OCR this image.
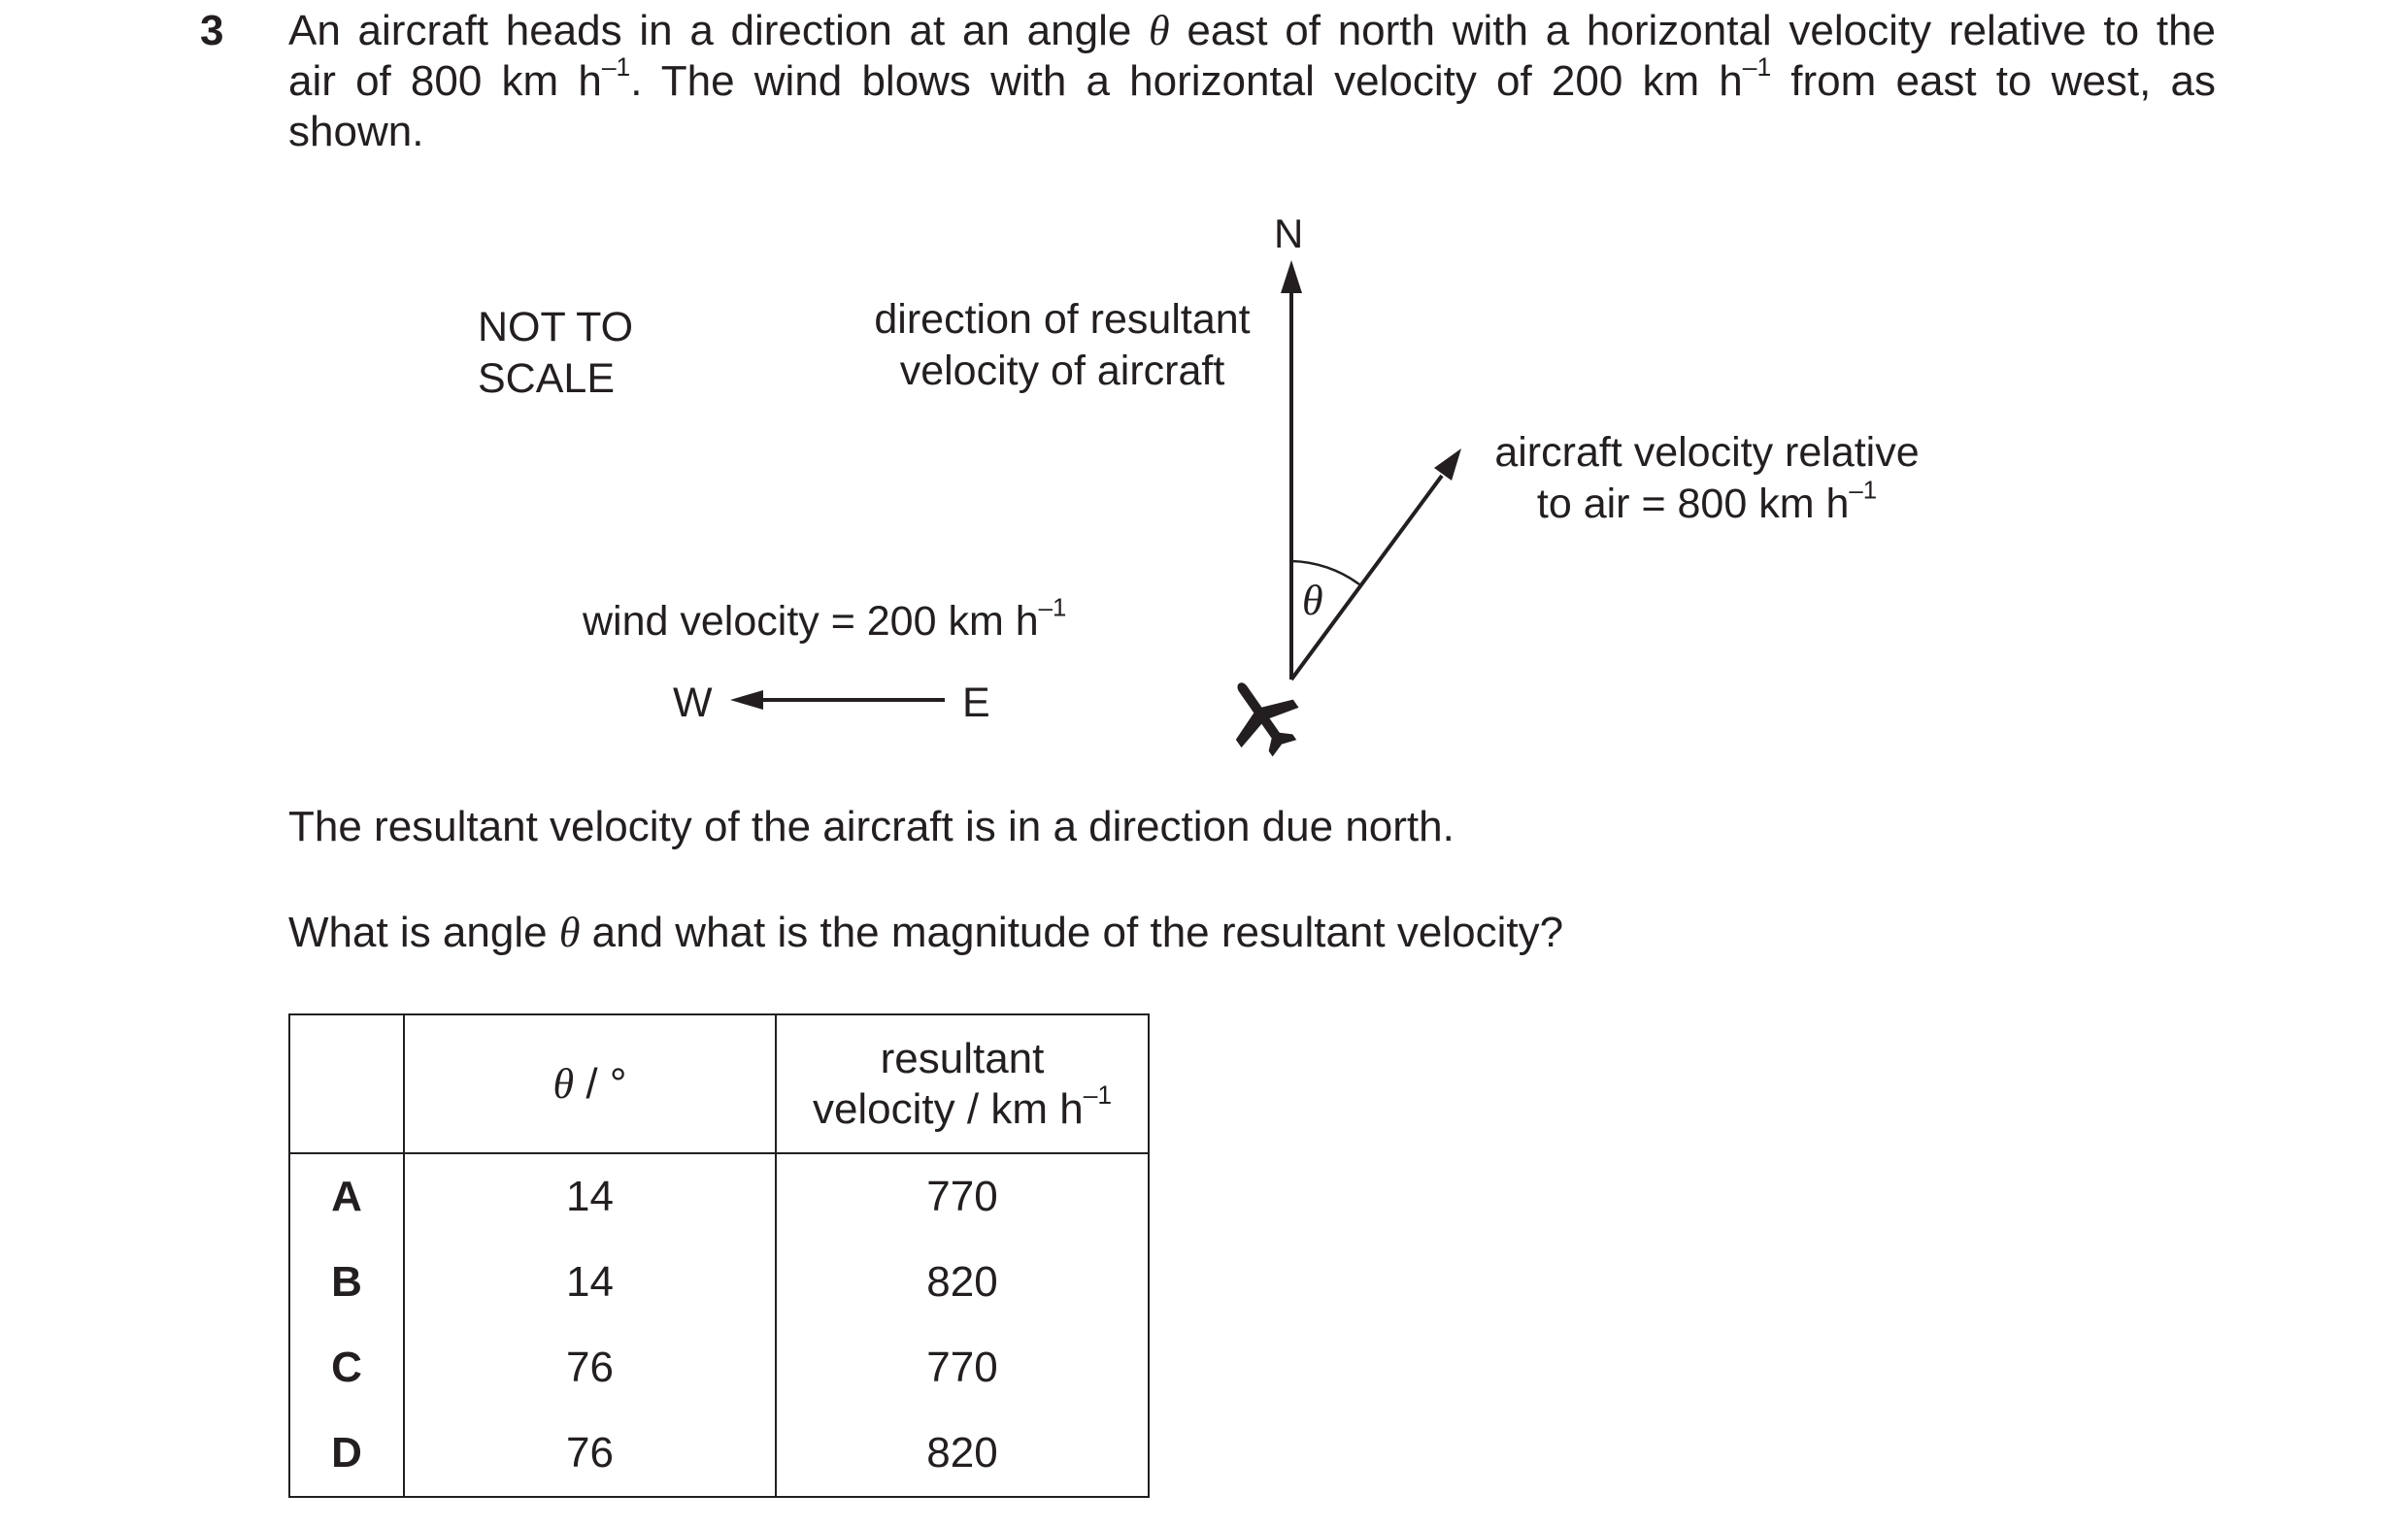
3 An aircraft heads in a direction at an angle θ east of north with a horizontal velocity relative to the
air of 800 km $h^{-1}$. The wind blows with a horizontal velocity of 200 km $h^{-1}$ from east to west, as
shown.
NOT TO
SCALE
N
direction of resultant
velocity of aircraft
aircraft velocity relative
to air = 800 km $h^{-1}$
θ
wind velocity = 200 km $h^{-1}$
W	E
The resultant velocity of the aircraft is in a direction due north.
What is angle θ and what is the magnitude of the resultant velocity?
	θ / °	resultant
velocity / km $h^{-1}$

A	14	770
B	14	820
C	76	770
D	76	820
